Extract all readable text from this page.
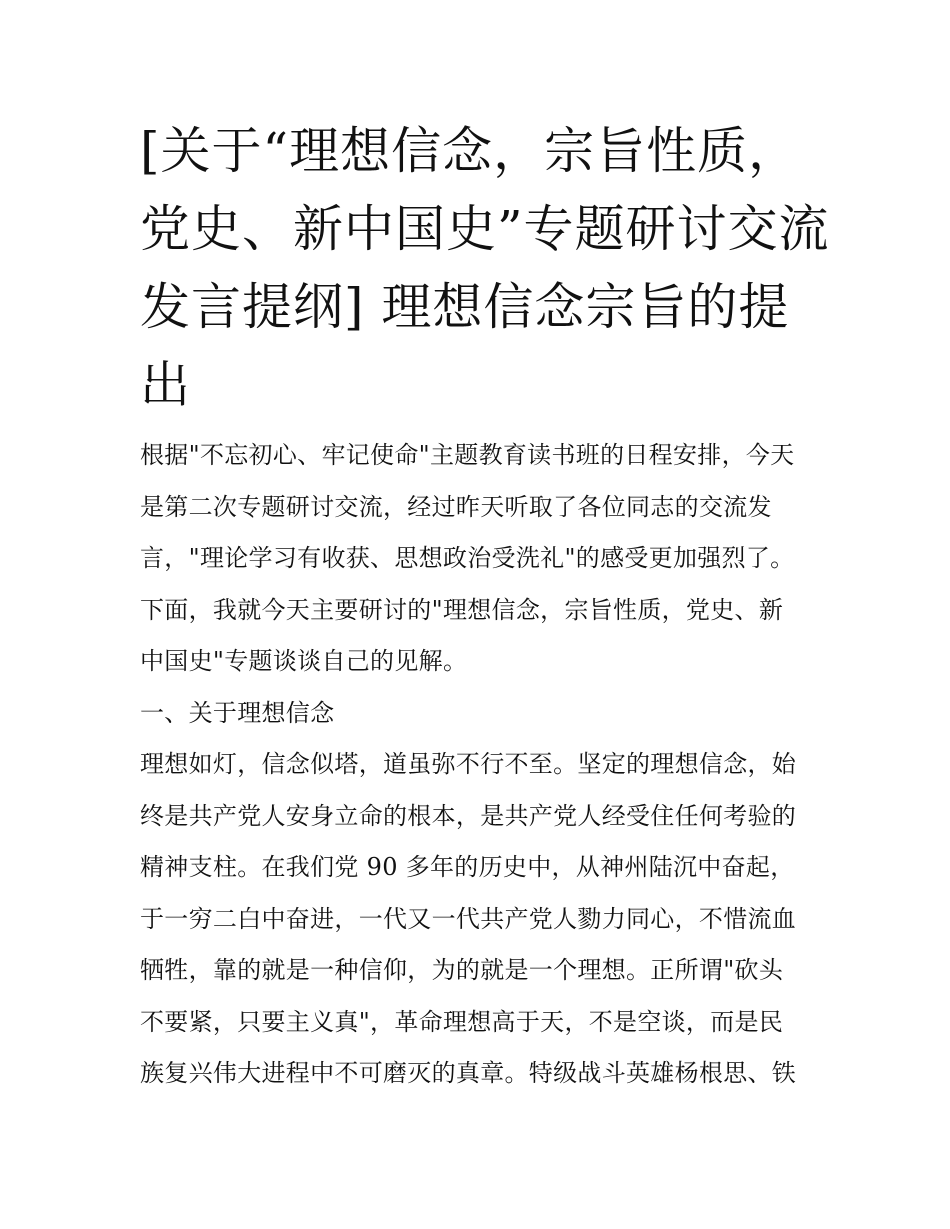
[关于“理想信念，宗旨性质，
党史、新中国史”专题研讨交流
发言提纲] 理想信念宗旨的提
出
根据"不忘初心、牢记使命"主题教育读书班的日程安排，今天
是第二次专题研讨交流，经过昨天听取了各位同志的交流发
言，"理论学习有收获、思想政治受洗礼"的感受更加强烈了。
下面，我就今天主要研讨的"理想信念，宗旨性质，党史、新
中国史"专题谈谈自己的见解。
一、关于理想信念
理想如灯，信念似塔，道虽弥不行不至。坚定的理想信念，始
终是共产党人安身立命的根本，是共产党人经受住任何考验的
精神支柱。在我们党 90 多年的历史中，从神州陆沉中奋起，
于一穷二白中奋进，一代又一代共产党人勠力同心，不惜流血
牺牲，靠的就是一种信仰，为的就是一个理想。正所谓"砍头
不要紧，只要主义真"，革命理想高于天，不是空谈，而是民
族复兴伟大进程中不可磨灭的真章。特级战斗英雄杨根思、铁
